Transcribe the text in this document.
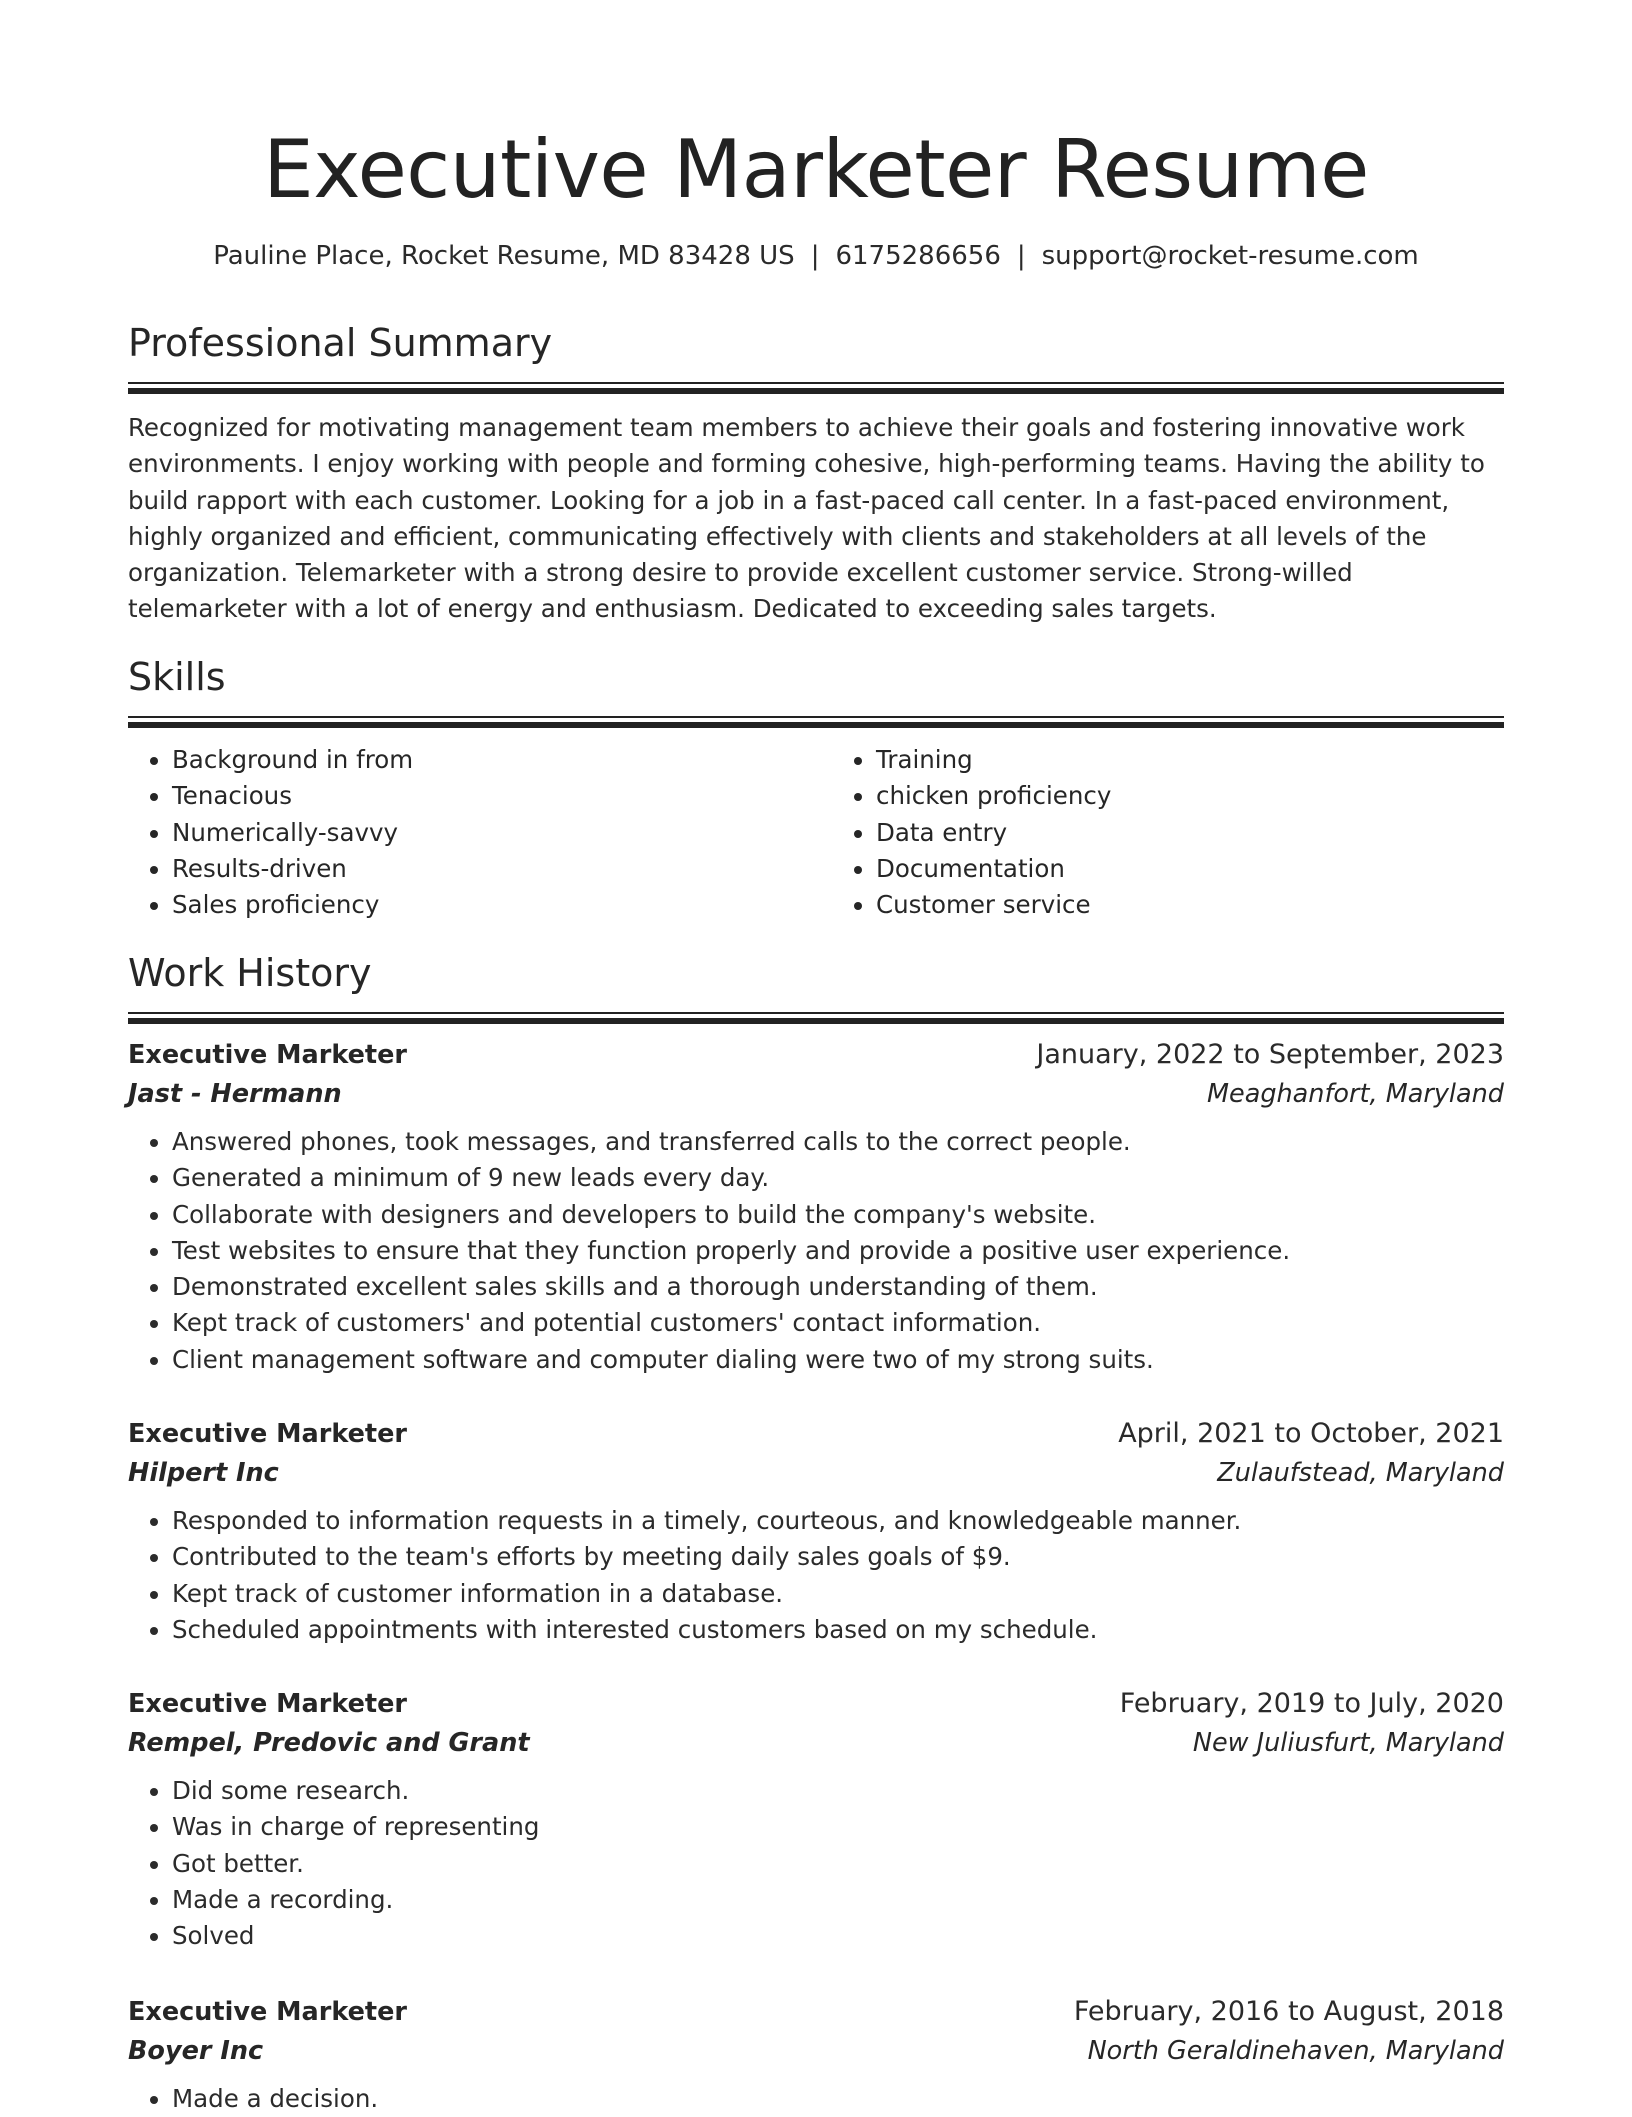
Executive Marketer Resume
Pauline Place, Rocket Resume, MD 83428 US | 6175286656 | support@rocket-resume.com
Professional Summary

Recognized for motivating management team members to achieve their goals and fostering innovative work environments. I enjoy working with people and forming cohesive, high-performing teams. Having the ability to build rapport with each customer. Looking for a job in a fast-paced call center. In a fast-paced environment, highly organized and efficient, communicating effectively with clients and stakeholders at all levels of the organization. Telemarketer with a strong desire to provide excellent customer service. Strong-willed telemarketer with a lot of energy and enthusiasm. Dedicated to exceeding sales targets.

Skills
• Background in from
• Tenacious
• Numerically-savvy
• Results-driven
• Sales proficiency
• Training
• chicken proficiency
• Data entry
• Documentation
• Customer service
Work History
Executive Marketer	January, 2022 to September, 2023
Jast - Hermann	Meaghanfort, Maryland
• Answered phones, took messages, and transferred calls to the correct people.
• Generated a minimum of 9 new leads every day.
• Collaborate with designers and developers to build the company's website.
• Test websites to ensure that they function properly and provide a positive user experience.
• Demonstrated excellent sales skills and a thorough understanding of them.
• Kept track of customers' and potential customers' contact information.
• Client management software and computer dialing were two of my strong suits.
Executive Marketer	April, 2021 to October, 2021
Hilpert Inc	Zulaufstead, Maryland
• Responded to information requests in a timely, courteous, and knowledgeable manner.
• Contributed to the team's efforts by meeting daily sales goals of $9.
• Kept track of customer information in a database.
• Scheduled appointments with interested customers based on my schedule.
Executive Marketer	February, 2019 to July, 2020
Rempel, Predovic and Grant	New Juliusfurt, Maryland
• Did some research.
• Was in charge of representing
• Got better.
• Made a recording.
• Solved
Executive Marketer	February, 2016 to August, 2018
Boyer Inc	North Geraldinehaven, Maryland
• Made a decision.
